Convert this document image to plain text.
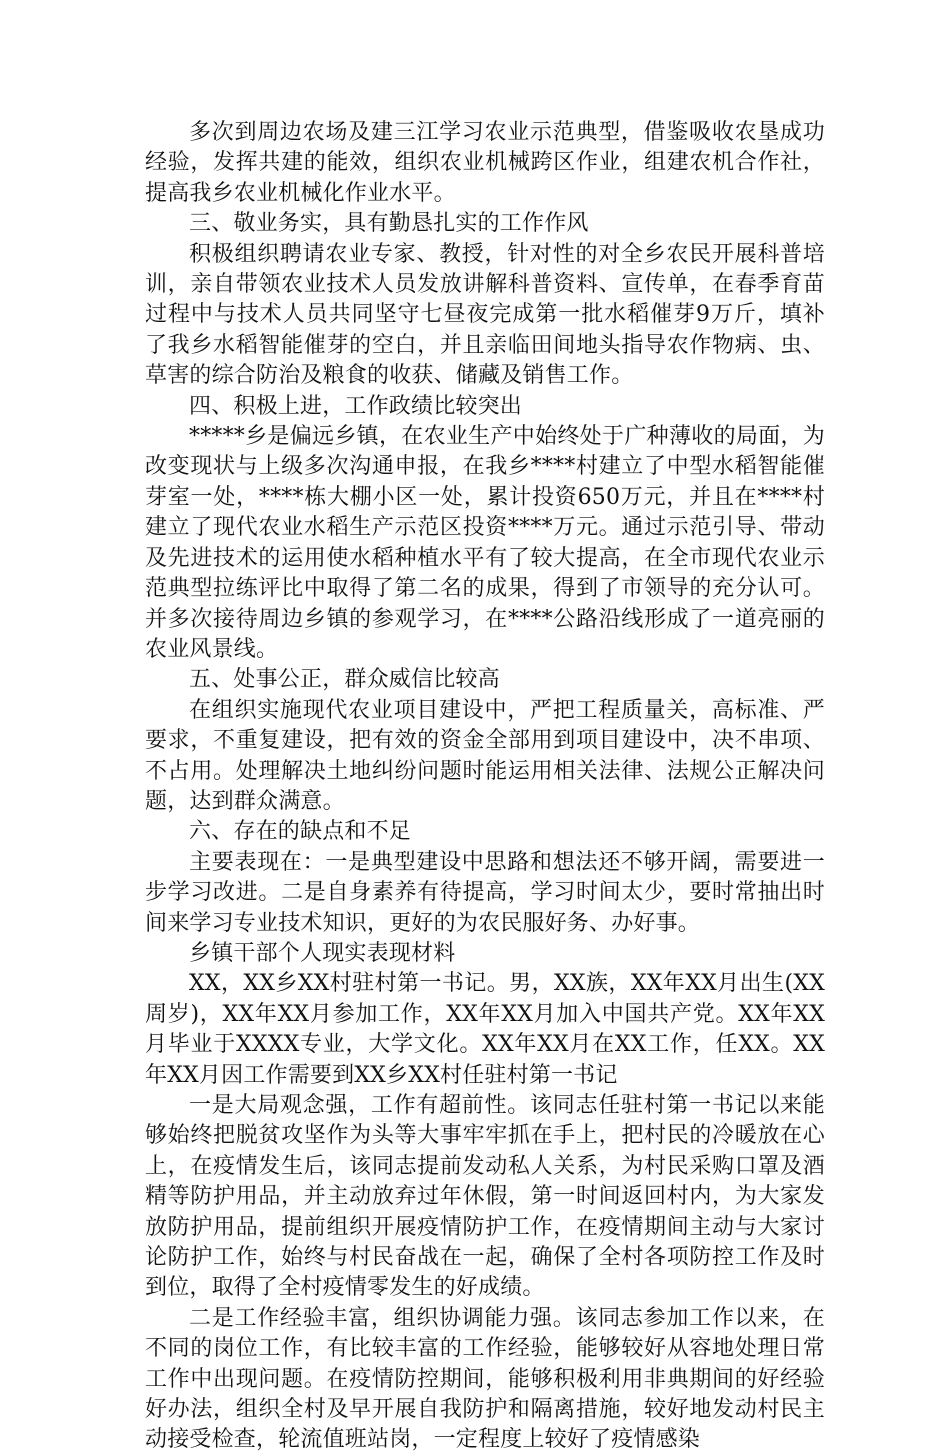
多次到周边农场及建三江学习农业示范典型，借鉴吸收农垦成功经验，发挥共建的能效，组织农业机械跨区作业，组建农机合作社，提高我乡农业机械化作业水平。

三、敬业务实，具有勤恳扎实的工作作风

积极组织聘请农业专家、教授，针对性的对全乡农民开展科普培训，亲自带领农业技术人员发放讲解科普资料、宣传单，在春季育苗过程中与技术人员共同坚守七昼夜完成第一批水稻催芽9万斤，填补了我乡水稻智能催芽的空白，并且亲临田间地头指导农作物病、虫、草害的综合防治及粮食的收获、储藏及销售工作。

四、积极上进，工作政绩比较突出

*****乡是偏远乡镇，在农业生产中始终处于广种薄收的局面，为改变现状与上级多次沟通申报，在我乡****村建立了中型水稻智能催芽室一处，****栋大棚小区一处，累计投资650万元，并且在****村建立了现代农业水稻生产示范区投资****万元。通过示范引导、带动及先进技术的运用使水稻种植水平有了较大提高，在全市现代农业示范典型拉练评比中取得了第二名的成果，得到了市领导的充分认可。并多次接待周边乡镇的参观学习，在****公路沿线形成了一道亮丽的农业风景线。

五、处事公正，群众威信比较高

在组织实施现代农业项目建设中，严把工程质量关，高标准、严要求，不重复建设，把有效的资金全部用到项目建设中，决不串项、不占用。处理解决土地纠纷问题时能运用相关法律、法规公正解决问题，达到群众满意。

六、存在的缺点和不足

主要表现在：一是典型建设中思路和想法还不够开阔，需要进一步学习改进。二是自身素养有待提高，学习时间太少，要时常抽出时间来学习专业技术知识，更好的为农民服好务、办好事。

乡镇干部个人现实表现材料

XX，XX乡XX村驻村第一书记。男，XX族，XX年XX月出生(XX周岁)，XX年XX月参加工作，XX年XX月加入中国共产党。XX年XX月毕业于XXXX专业，大学文化。XX年XX月在XX工作，任XX。XX年XX月因工作需要到XX乡XX村任驻村第一书记

一是大局观念强，工作有超前性。该同志任驻村第一书记以来能够始终把脱贫攻坚作为头等大事牢牢抓在手上，把村民的冷暖放在心上，在疫情发生后，该同志提前发动私人关系，为村民采购口罩及酒精等防护用品，并主动放弃过年休假，第一时间返回村内，为大家发放防护用品，提前组织开展疫情防护工作，在疫情期间主动与大家讨论防护工作，始终与村民奋战在一起，确保了全村各项防控工作及时到位，取得了全村疫情零发生的好成绩。

二是工作经验丰富，组织协调能力强。该同志参加工作以来，在不同的岗位工作，有比较丰富的工作经验，能够较好从容地处理日常工作中出现问题。在疫情防控期间，能够积极利用非典期间的好经验好办法，组织全村及早开展自我防护和隔离措施，较好地发动村民主动接受检查，轮流值班站岗，一定程度上较好了疫情感染
